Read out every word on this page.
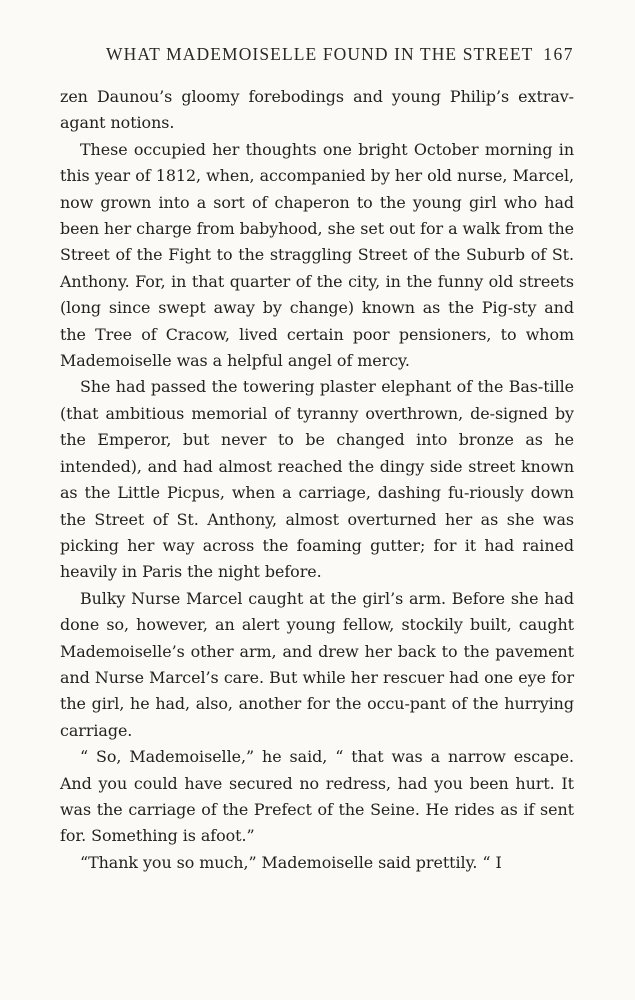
WHAT MADEMOISELLE FOUND IN THE STREET 167

zen Daunou’s gloomy forebodings and young Philip’s extrav-agant notions.

These occupied her thoughts one bright October morning in this year of 1812, when, accompanied by her old nurse, Marcel, now grown into a sort of chaperon to the young girl who had been her charge from babyhood, she set out for a walk from the Street of the Fight to the straggling Street of the Suburb of St. Anthony. For, in that quarter of the city, in the funny old streets (long since swept away by change) known as the Pig-sty and the Tree of Cracow, lived certain poor pensioners, to whom Mademoiselle was a helpful angel of mercy.

She had passed the towering plaster elephant of the Bas-tille (that ambitious memorial of tyranny overthrown, de-signed by the Emperor, but never to be changed into bronze as he intended), and had almost reached the dingy side street known as the Little Picpus, when a carriage, dashing fu-riously down the Street of St. Anthony, almost overturned her as she was picking her way across the foaming gutter; for it had rained heavily in Paris the night before.

Bulky Nurse Marcel caught at the girl’s arm. Before she had done so, however, an alert young fellow, stockily built, caught Mademoiselle’s other arm, and drew her back to the pavement and Nurse Marcel’s care. But while her rescuer had one eye for the girl, he had, also, another for the occu-pant of the hurrying carriage.

“ So, Mademoiselle,” he said, “ that was a narrow escape. And you could have secured no redress, had you been hurt. It was the carriage of the Prefect of the Seine. He rides as if sent for. Something is afoot.”

“Thank you so much,” Mademoiselle said prettily. “ I
